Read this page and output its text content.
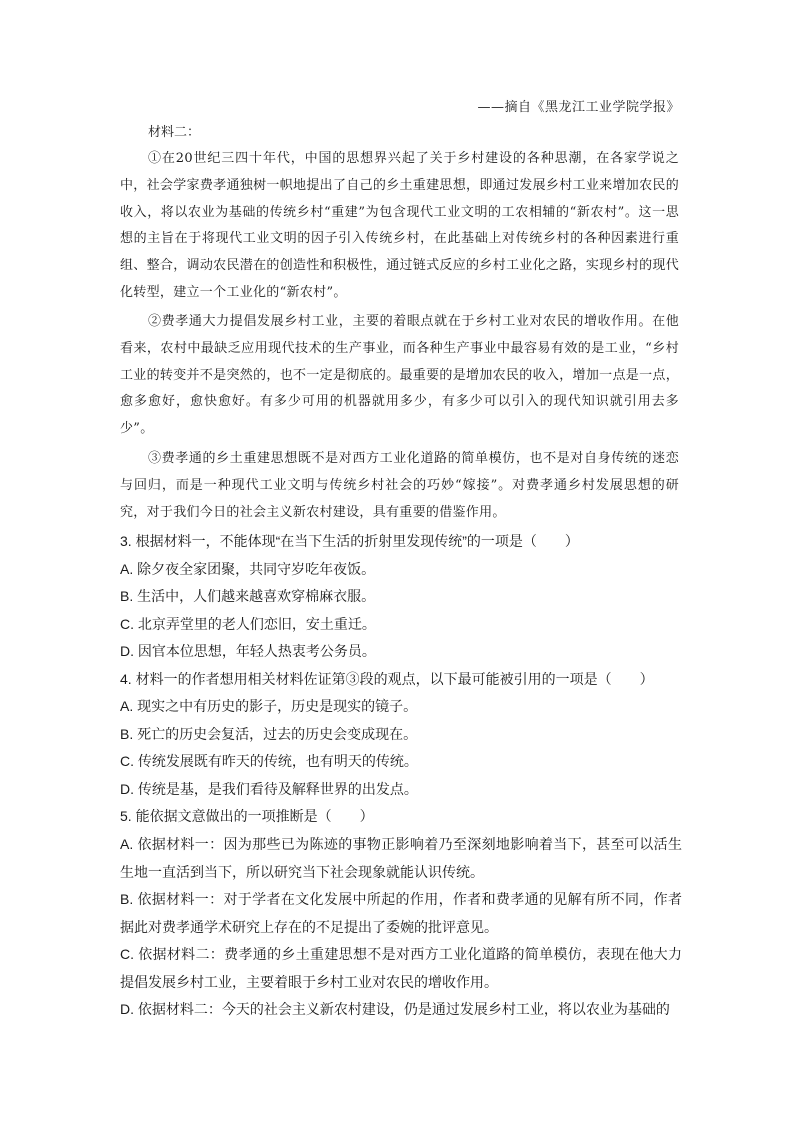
——摘自《黑龙江工业学院学报》
材料二：

①在20世纪三四十年代，中国的思想界兴起了关于乡村建设的各种思潮，在各家学说之中，社会学家费孝通独树一帜地提出了自己的乡土重建思想，即通过发展乡村工业来增加农民的收入，将以农业为基础的传统乡村“重建”为包含现代工业文明的工农相辅的“新农村”。这一思想的主旨在于将现代工业文明的因子引入传统乡村，在此基础上对传统乡村的各种因素进行重组、整合，调动农民潜在的创造性和积极性，通过链式反应的乡村工业化之路，实现乡村的现代化转型，建立一个工业化的“新农村”。

②费孝通大力提倡发展乡村工业，主要的着眼点就在于乡村工业对农民的增收作用。在他看来，农村中最缺乏应用现代技术的生产事业，而各种生产事业中最容易有效的是工业，“乡村工业的转变并不是突然的，也不一定是彻底的。最重要的是增加农民的收入，增加一点是一点，愈多愈好，愈快愈好。有多少可用的机器就用多少，有多少可以引入的现代知识就引用去多少”。

③费孝通的乡土重建思想既不是对西方工业化道路的简单模仿，也不是对自身传统的迷恋与回归，而是一种现代工业文明与传统乡村社会的巧妙“嫁接”。对费孝通乡村发展思想的研究，对于我们今日的社会主义新农村建设，具有重要的借鉴作用。

3. 根据材料一，不能体现“在当下生活的折射里发现传统”的一项是（　　）

A. 除夕夜全家团聚，共同守岁吃年夜饭。

B. 生活中，人们越来越喜欢穿棉麻衣服。

C. 北京弄堂里的老人们恋旧，安土重迁。

D. 因官本位思想，年轻人热衷考公务员。

4. 材料一的作者想用相关材料佐证第③段的观点，以下最可能被引用的一项是（　　）

A. 现实之中有历史的影子，历史是现实的镜子。

B. 死亡的历史会复活，过去的历史会变成现在。

C. 传统发展既有昨天的传统，也有明天的传统。

D. 传统是基，是我们看待及解释世界的出发点。

5. 能依据文意做出的一项推断是（　　）

A. 依据材料一：因为那些已为陈迹的事物正影响着乃至深刻地影响着当下，甚至可以活生生地一直活到当下，所以研究当下社会现象就能认识传统。

B. 依据材料一：对于学者在文化发展中所起的作用，作者和费孝通的见解有所不同，作者据此对费孝通学术研究上存在的不足提出了委婉的批评意见。

C. 依据材料二：费孝通的乡土重建思想不是对西方工业化道路的简单模仿，表现在他大力提倡发展乡村工业，主要着眼于乡村工业对农民的增收作用。

D. 依据材料二：今天的社会主义新农村建设，仍是通过发展乡村工业，将以农业为基础的
